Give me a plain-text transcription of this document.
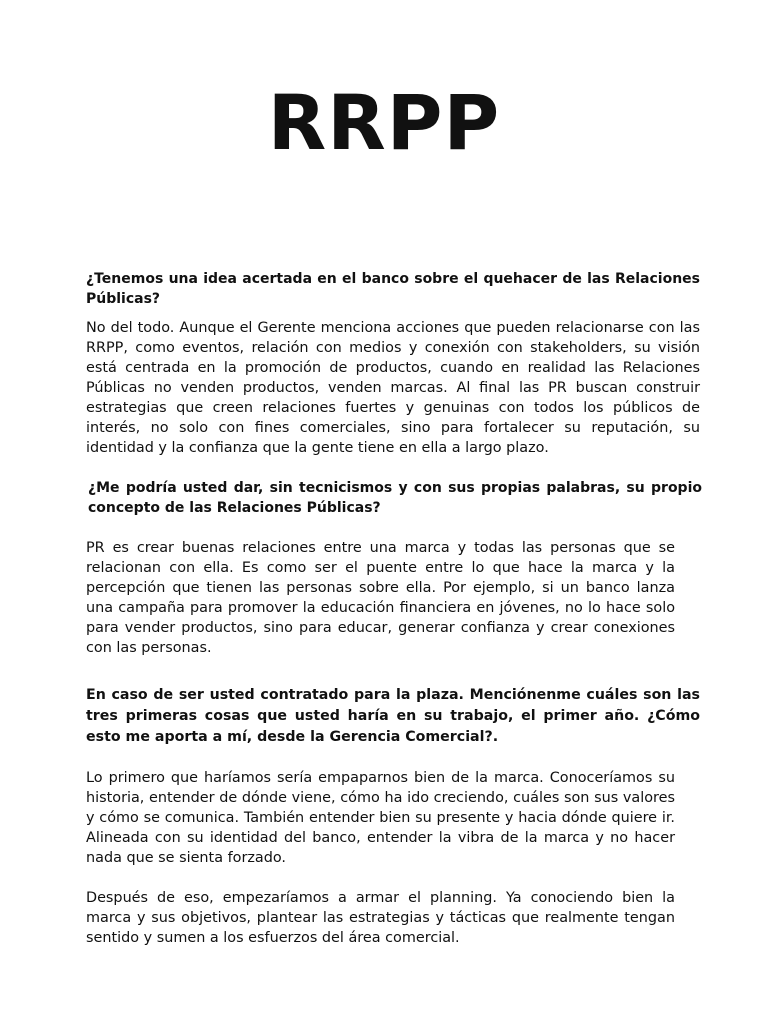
RRPP

¿Tenemos una idea acertada en el banco sobre el quehacer de las Relaciones Públicas?

No del todo. Aunque el Gerente menciona acciones que pueden relacionarse con las RRPP, como eventos, relación con medios y conexión con stakeholders, su visión está centrada en la promoción de productos, cuando en realidad las Relaciones Públicas no venden productos, venden marcas. Al final las PR buscan construir estrategias que creen relaciones fuertes y genuinas con todos los públicos de interés, no solo con fines comerciales, sino para fortalecer su reputación, su identidad y la confianza que la gente tiene en ella a largo plazo.

¿Me podría usted dar, sin tecnicismos y con sus propias palabras, su propio concepto de las Relaciones Públicas?

PR es crear buenas relaciones entre una marca y todas las personas que se relacionan con ella. Es como ser el puente entre lo que hace la marca y la percepción que tienen las personas sobre ella. Por ejemplo, si un banco lanza una campaña para promover la educación financiera en jóvenes, no lo hace solo para vender productos, sino para educar, generar confianza y crear conexiones con las personas.

En caso de ser usted contratado para la plaza. Menciónenme cuáles son las tres primeras cosas que usted haría en su trabajo, el primer año. ¿Cómo esto me aporta a mí, desde la Gerencia Comercial?.

Lo primero que haríamos sería empaparnos bien de la marca. Conoceríamos su historia, entender de dónde viene, cómo ha ido creciendo, cuáles son sus valores y cómo se comunica. También entender bien su presente y hacia dónde quiere ir. Alineada con su identidad del banco, entender la vibra de la marca y no hacer nada que se sienta forzado.

Después de eso, empezaríamos a armar el planning. Ya conociendo bien la marca y sus objetivos, plantear las estrategias y tácticas que realmente tengan sentido y sumen a los esfuerzos del área comercial.
